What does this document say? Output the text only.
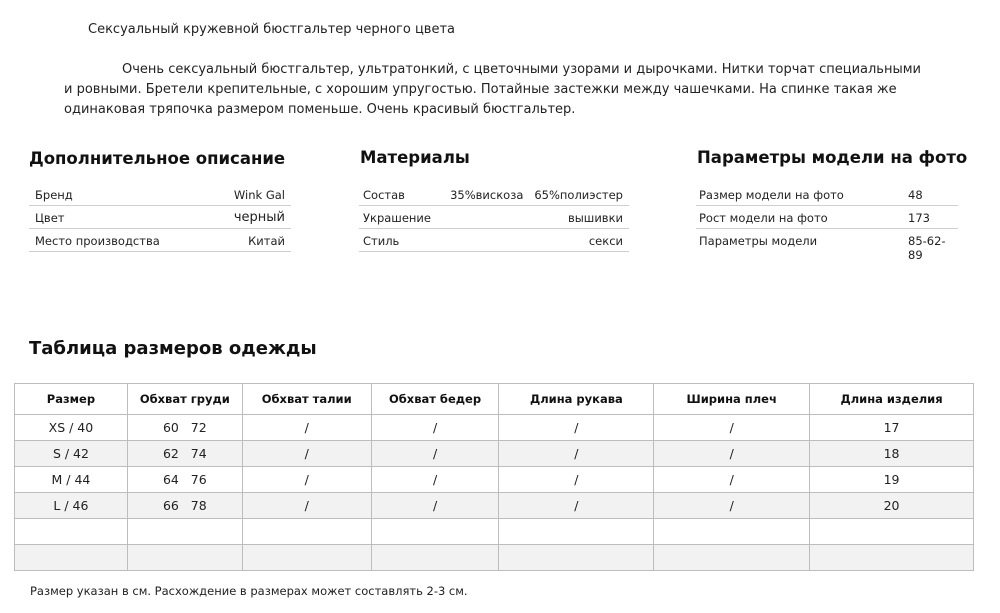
Сексуальный кружевной бюстгальтер черного цвета
Очень сексуальный бюстгальтер, ультратонкий, с цветочными узорами и дырочками. Нитки торчат специальными
и ровными. Бретели крепительные, с хорошим упругостью. Потайные застежки между чашечками. На спинке такая же
одинаковая тряпочка размером поменьше. Очень красивый бюстгальтер.
Дополнительное описание
Бренд	Wink Gal
Цвет	черный
Место производства	Китай
Материалы
Состав	35%вискоза   65%полиэстер
Украшение	вышивки
Стиль	секси
Параметры модели на фото
Размер модели на фото	48
Рост модели на фото	173
Параметры модели	85-62-89
Таблица размеров одежды
Размер	Обхват груди	Обхват талии	Обхват бедер	Длина рукава	Ширина плеч	Длина изделия
XS / 40	60   72	/	/	/	/	17
S / 42	62   74	/	/	/	/	18
M / 44	64   76	/	/	/	/	19
L / 46	66   78	/	/	/	/	20

Размер указан в см. Расхождение в размерах может составлять 2-3 см.
